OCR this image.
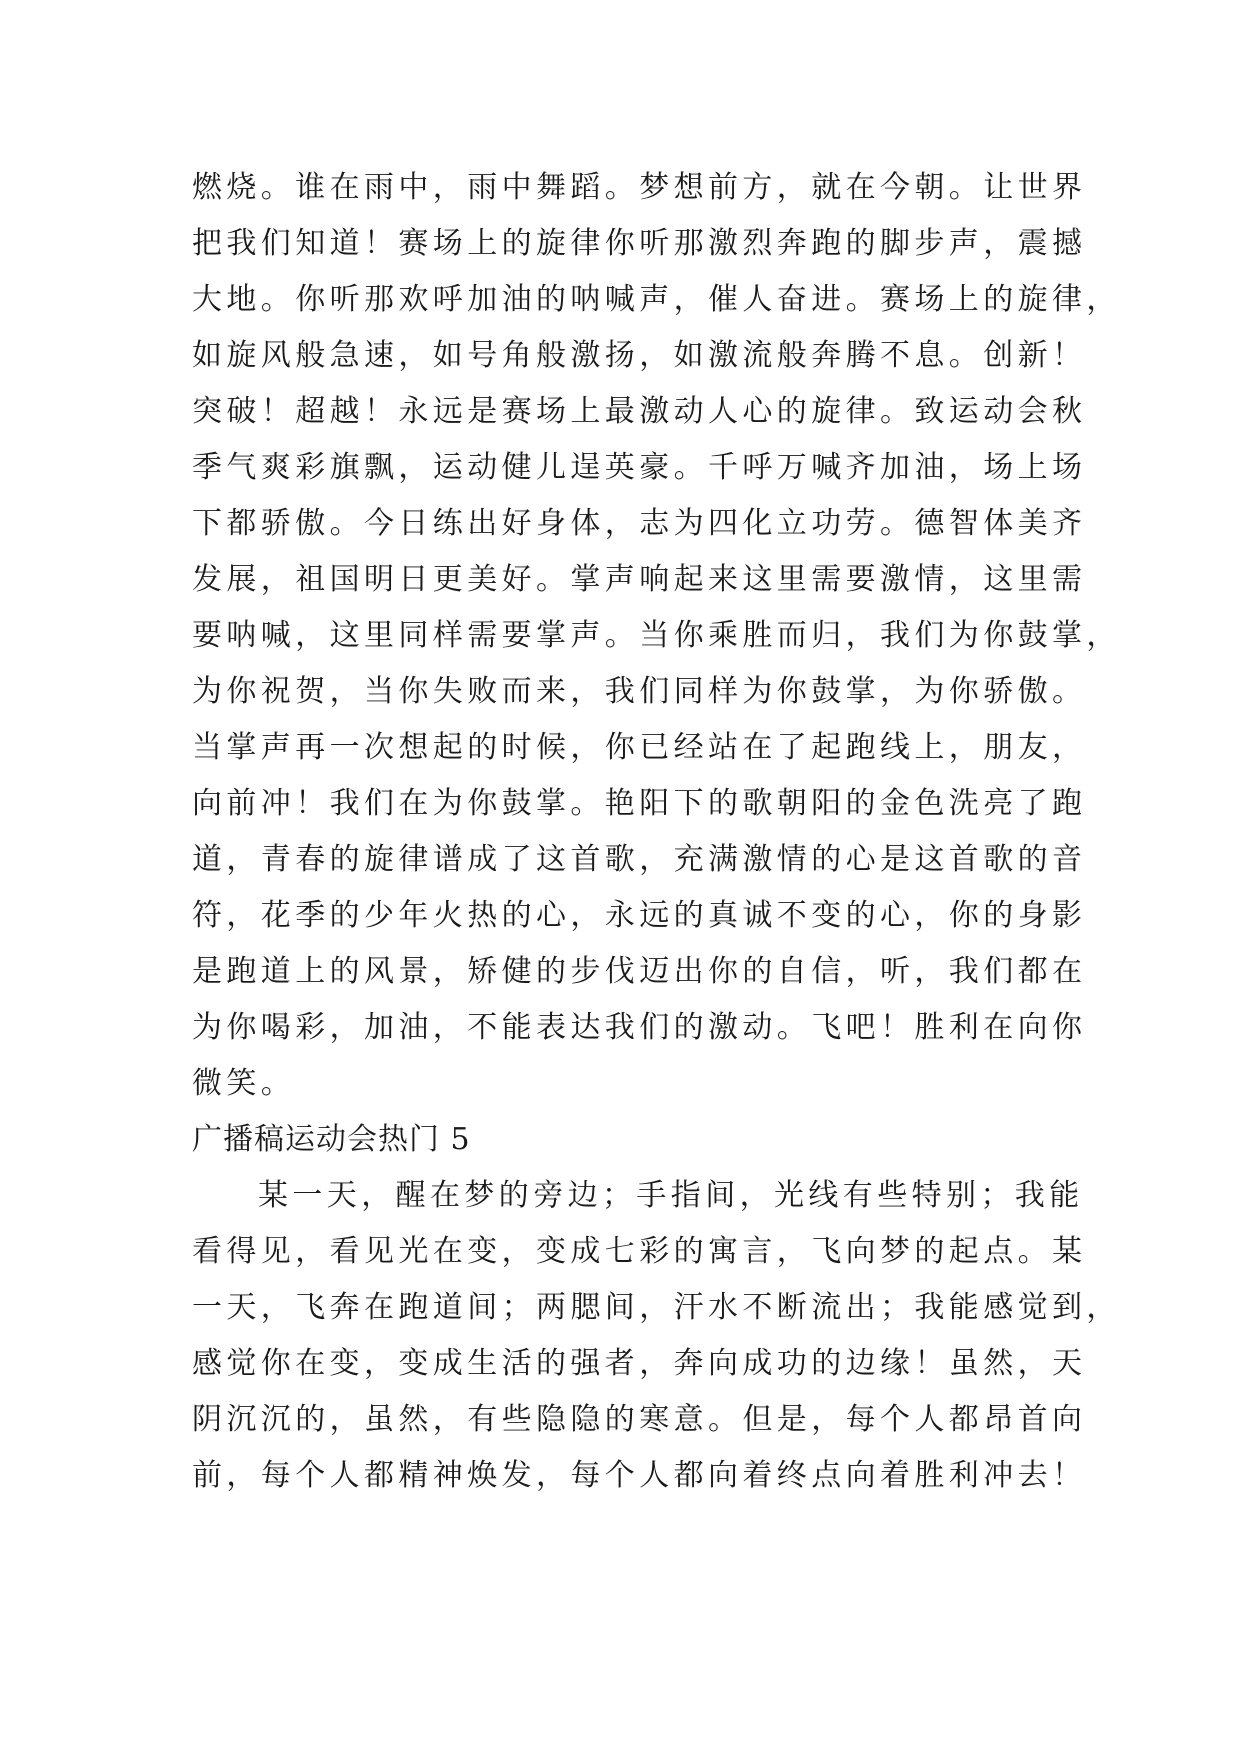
燃烧。谁在雨中，雨中舞蹈。梦想前方，就在今朝。让世界
把我们知道！赛场上的旋律你听那激烈奔跑的脚步声，震撼
大地。你听那欢呼加油的呐喊声，催人奋进。赛场上的旋律，
如旋风般急速，如号角般激扬，如激流般奔腾不息。创新！
突破！超越！永远是赛场上最激动人心的旋律。致运动会秋
季气爽彩旗飘，运动健儿逞英豪。千呼万喊齐加油，场上场
下都骄傲。今日练出好身体，志为四化立功劳。德智体美齐
发展，祖国明日更美好。掌声响起来这里需要激情，这里需
要呐喊，这里同样需要掌声。当你乘胜而归，我们为你鼓掌，
为你祝贺，当你失败而来，我们同样为你鼓掌，为你骄傲。
当掌声再一次想起的时候，你已经站在了起跑线上，朋友，
向前冲！我们在为你鼓掌。艳阳下的歌朝阳的金色洗亮了跑
道，青春的旋律谱成了这首歌，充满激情的心是这首歌的音
符，花季的少年火热的心，永远的真诚不变的心，你的身影
是跑道上的风景，矫健的步伐迈出你的自信，听，我们都在
为你喝彩，加油，不能表达我们的激动。飞吧！胜利在向你
微笑。
广播稿运动会热门 5
某一天，醒在梦的旁边；手指间，光线有些特别；我能
看得见，看见光在变，变成七彩的寓言，飞向梦的起点。某
一天，飞奔在跑道间；两腮间，汗水不断流出；我能感觉到，
感觉你在变，变成生活的强者，奔向成功的边缘！虽然，天
阴沉沉的，虽然，有些隐隐的寒意。但是，每个人都昂首向
前，每个人都精神焕发，每个人都向着终点向着胜利冲去！
